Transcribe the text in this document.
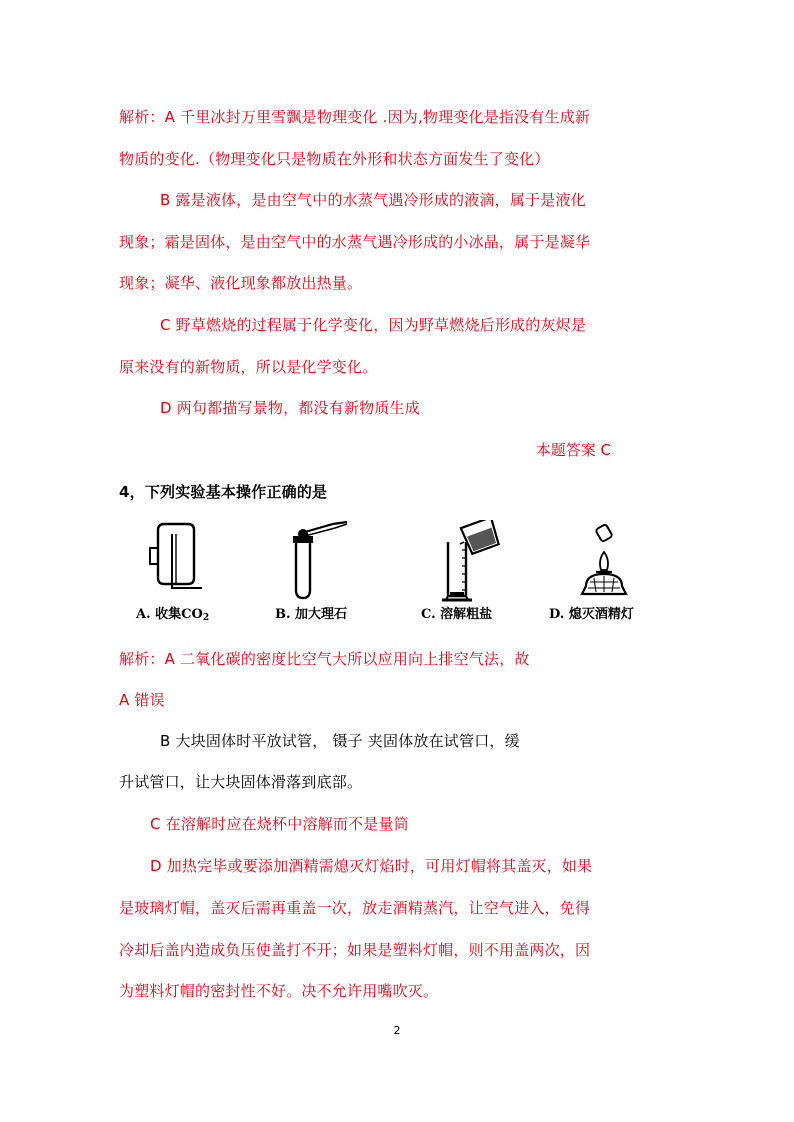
解析：A 千里冰封万里雪飘是物理变化 .因为,物理变化是指没有生成新
物质的变化.（物理变化只是物质在外形和状态方面发生了变化）
B 露是液体，是由空气中的水蒸气遇冷形成的液滴，属于是液化
现象；霜是固体，是由空气中的水蒸气遇冷形成的小冰晶，属于是凝华
现象；凝华、液化现象都放出热量。
C 野草燃烧的过程属于化学变化，因为野草燃烧后形成的灰烬是
原来没有的新物质，所以是化学变化。
D 两句都描写景物，都没有新物质生成
本题答案 C
4，下列实验基本操作正确的是
A. 收集$CO_2$	B. 加大理石	C. 溶解粗盐	D. 熄灭酒精灯
解析：A 二氧化碳的密度比空气大所以应用向上排空气法，故
A 错误
B 大块固体时平放试管， 镊子 夹固体放在试管口，缓
升试管口，让大块固体滑落到底部。
C 在溶解时应在烧杯中溶解而不是量筒
D 加热完毕或要添加酒精需熄灭灯焰时，可用灯帽将其盖灭，如果
是玻璃灯帽，盖灭后需再重盖一次，放走酒精蒸汽，让空气进入，免得
冷却后盖内造成负压使盖打不开；如果是塑料灯帽，则不用盖两次，因
为塑料灯帽的密封性不好。决不允许用嘴吹灭。
2
